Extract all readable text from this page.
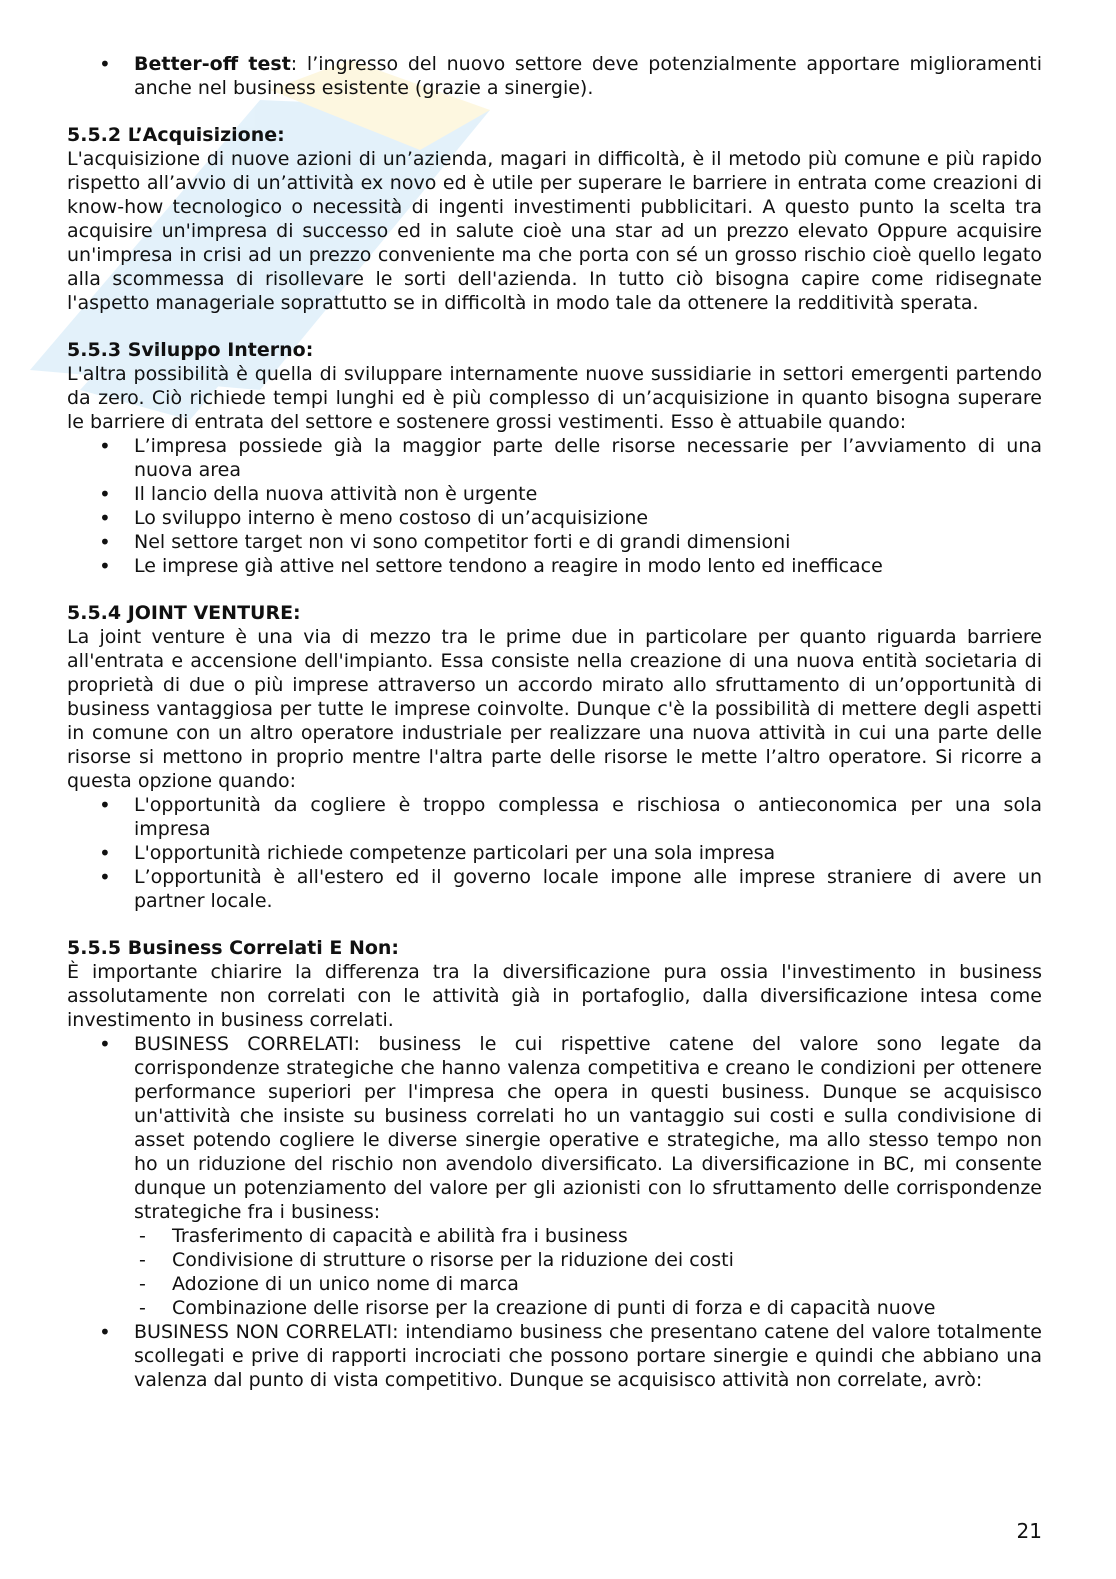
• Better-off test: l’ingresso del nuovo settore deve potenzialmente apportare miglioramenti anche nel business esistente (grazie a sinergie).
5.5.2 L’Acquisizione:

L'acquisizione di nuove azioni di un’azienda, magari in difficoltà, è il metodo più comune e più rapido rispetto all’avvio di un’attività ex novo ed è utile per superare le barriere in entrata come creazioni di know-how tecnologico o necessità di ingenti investimenti pubblicitari. A questo punto la scelta tra acquisire un'impresa di successo ed in salute cioè una star ad un prezzo elevato Oppure acquisire un'impresa in crisi ad un prezzo conveniente ma che porta con sé un grosso rischio cioè quello legato alla scommessa di risollevare le sorti dell'azienda. In tutto ciò bisogna capire come ridisegnate l'aspetto manageriale soprattutto se in difficoltà in modo tale da ottenere la redditività sperata.

5.5.3 Sviluppo Interno:

L'altra possibilità è quella di sviluppare internamente nuove sussidiarie in settori emergenti partendo da zero. Ciò richiede tempi lunghi ed è più complesso di un’acquisizione in quanto bisogna superare le barriere di entrata del settore e sostenere grossi vestimenti. Esso è attuabile quando:

• L’impresa possiede già la maggior parte delle risorse necessarie per l’avviamento di una nuova area
• Il lancio della nuova attività non è urgente
• Lo sviluppo interno è meno costoso di un’acquisizione
• Nel settore target non vi sono competitor forti e di grandi dimensioni
• Le imprese già attive nel settore tendono a reagire in modo lento ed inefficace
5.5.4 JOINT VENTURE:

La joint venture è una via di mezzo tra le prime due in particolare per quanto riguarda barriere all'entrata e accensione dell'impianto. Essa consiste nella creazione di una nuova entità societaria di proprietà di due o più imprese attraverso un accordo mirato allo sfruttamento di un’opportunità di business vantaggiosa per tutte le imprese coinvolte. Dunque c'è la possibilità di mettere degli aspetti in comune con un altro operatore industriale per realizzare una nuova attività in cui una parte delle risorse si mettono in proprio mentre l'altra parte delle risorse le mette l’altro operatore. Si ricorre a questa opzione quando:

• L'opportunità da cogliere è troppo complessa e rischiosa o antieconomica per una sola impresa
• L'opportunità richiede competenze particolari per una sola impresa
• L’opportunità è all'estero ed il governo locale impone alle imprese straniere di avere un partner locale.
5.5.5 Business Correlati E Non:

È importante chiarire la differenza tra la diversificazione pura ossia l'investimento in business assolutamente non correlati con le attività già in portafoglio, dalla diversificazione intesa come investimento in business correlati.

• BUSINESS CORRELATI: business le cui rispettive catene del valore sono legate da corrispondenze strategiche che hanno valenza competitiva e creano le condizioni per ottenere performance superiori per l'impresa che opera in questi business. Dunque se acquisisco un'attività che insiste su business correlati ho un vantaggio sui costi e sulla condivisione di asset potendo cogliere le diverse sinergie operative e strategiche, ma allo stesso tempo non ho un riduzione del rischio non avendolo diversificato. La diversificazione in BC, mi consente dunque un potenziamento del valore per gli azionisti con lo sfruttamento delle corrispondenze strategiche fra i business:
- Trasferimento di capacità e abilità fra i business
- Condivisione di strutture o risorse per la riduzione dei costi
- Adozione di un unico nome di marca
- Combinazione delle risorse per la creazione di punti di forza e di capacità nuove
• BUSINESS NON CORRELATI: intendiamo business che presentano catene del valore totalmente scollegati e prive di rapporti incrociati che possono portare sinergie e quindi che abbiano una valenza dal punto di vista competitivo. Dunque se acquisisco attività non correlate, avrò:
21
